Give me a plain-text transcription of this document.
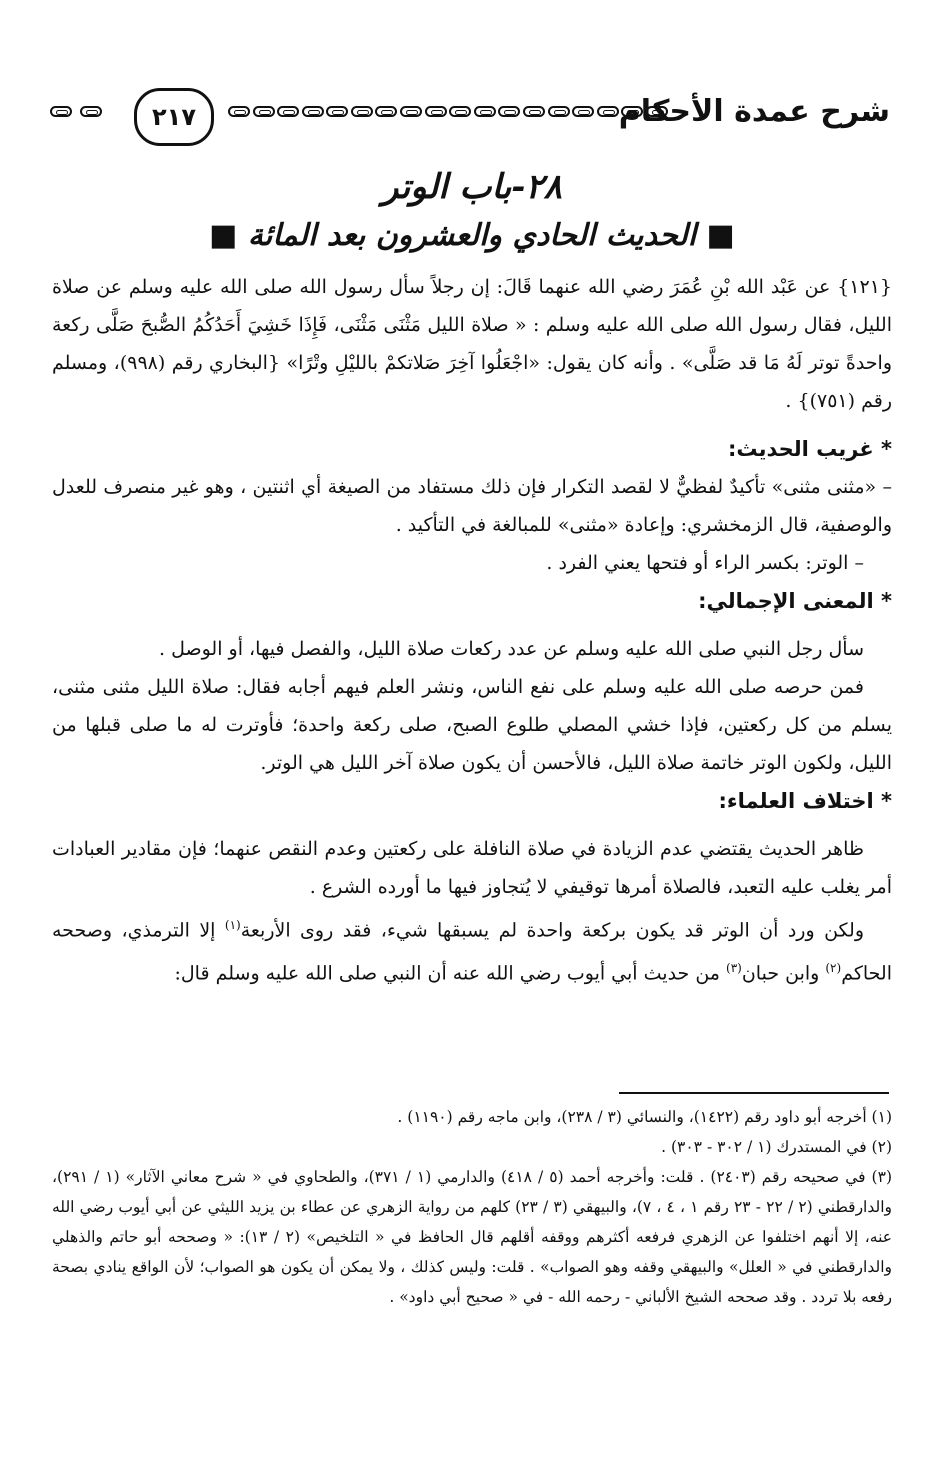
شرح عمدة الأحكام
٢١٧
٢٨-باب الوتر
■ الحديث الحادي والعشرون بعد المائة ■

{١٢١} عن عَبْد الله بْنِ عُمَرَ رضي الله عنهما قَالَ: إن رجلاً سأل رسول الله صلى الله عليه وسلم عن صلاة الليل، فقال رسول الله صلى الله عليه وسلم : « صلاة الليل مَثْنَى مَثْنَى، فَإِذَا خَشِيَ أَحَدُكُمُ الصُّبحَ صَلَّى ركعة واحدةً توتر لَهُ مَا قد صَلَّى» . وأنه كان يقول: «اجْعَلُوا آخِرَ صَلاتكمْ بالليْلِ وتْرًا» {البخاري رقم (٩٩٨)، ومسلم رقم (٧٥١)} .

* غريب الحديث:

– «مثنى مثنى» تأكيدٌ لفظيٌّ لا لقصد التكرار فإن ذلك مستفاد من الصيغة أي اثنتين ، وهو غير منصرف للعدل والوصفية، قال الزمخشري: وإعادة «مثنى» للمبالغة في التأكيد .

– الوتر: بكسر الراء أو فتحها يعني الفرد .

* المعنى الإجمالي:

سأل رجل النبي صلى الله عليه وسلم عن عدد ركعات صلاة الليل، والفصل فيها، أو الوصل .

فمن حرصه صلى الله عليه وسلم على نفع الناس، ونشر العلم فيهم أجابه فقال: صلاة الليل مثنى مثنى، يسلم من كل ركعتين، فإذا خشي المصلي طلوع الصبح، صلى ركعة واحدة؛ فأوترت له ما صلى قبلها من الليل، ولكون الوتر خاتمة صلاة الليل، فالأحسن أن يكون صلاة آخر الليل هي الوتر.

* اختلاف العلماء:

ظاهر الحديث يقتضي عدم الزيادة في صلاة النافلة على ركعتين وعدم النقص عنهما؛ فإن مقادير العبادات أمر يغلب عليه التعبد، فالصلاة أمرها توقيفي لا يُتجاوز فيها ما أورده الشرع .

ولكن ورد أن الوتر قد يكون بركعة واحدة لم يسبقها شيء، فقد روى الأربعة$^{(١)}$ إلا الترمذي، وصححه الحاكم$^{(٢)}$ وابن حبان$^{(٣)}$ من حديث أبي أيوب رضي الله عنه أن النبي صلى الله عليه وسلم قال:

(١) أخرجه أبو داود رقم (١٤٢٢)، والنسائي (٣ / ٢٣٨)، وابن ماجه رقم (١١٩٠) .

(٢) في المستدرك (١ / ٣٠٢ - ٣٠٣) .

(٣) في صحيحه رقم (٢٤٠٣) . قلت: وأخرجه أحمد (٥ / ٤١٨) والدارمي (١ / ٣٧١)، والطحاوي في « شرح معاني الآثار» (١ / ٢٩١)، والدارقطني (٢ / ٢٢ - ٢٣ رقم ١ ، ٤ ، ٧)، والبيهقي (٣ / ٢٣) كلهم من رواية الزهري عن عطاء بن يزيد الليثي عن أبي أيوب رضي الله عنه، إلا أنهم اختلفوا عن الزهري فرفعه أكثرهم ووقفه أقلهم قال الحافظ في « التلخيص» (٢ / ١٣): « وصححه أبو حاتم والذهلي والدارقطني في « العلل» والبيهقي وقفه وهو الصواب» . قلت: وليس كذلك ، ولا يمكن أن يكون هو الصواب؛ لأن الواقع ينادي بصحة رفعه بلا تردد . وقد صححه الشيخ الألباني - رحمه الله - في « صحيح أبي داود» .
